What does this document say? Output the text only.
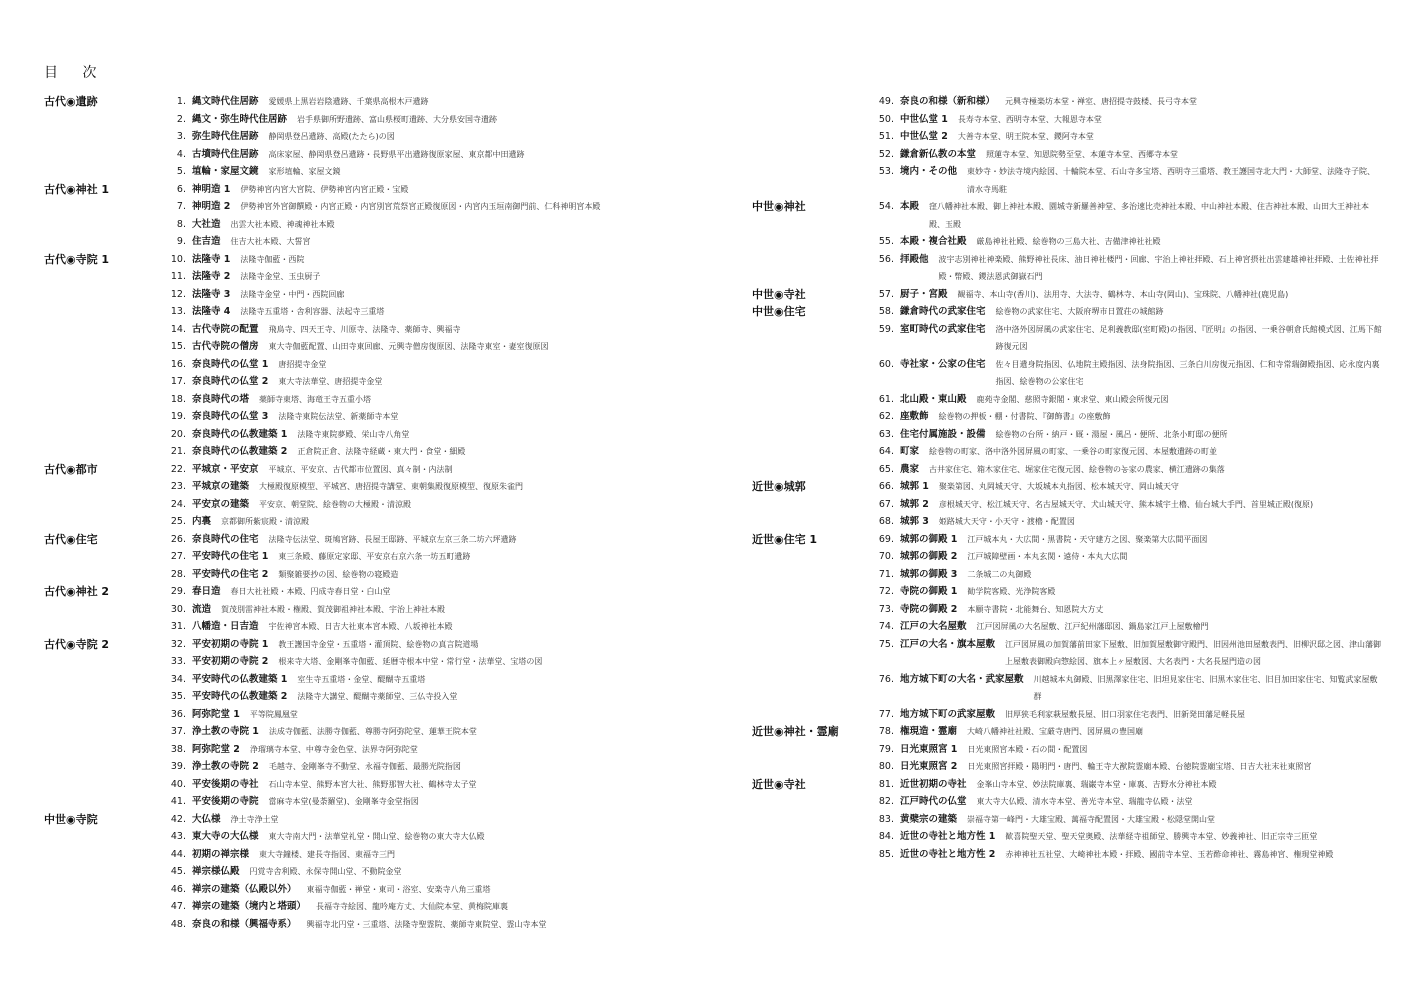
目 次
古代◉遺跡	1. 縄文時代住居跡 愛媛県上黒岩岩陰遺跡、千葉県高根木戸遺跡
2. 縄文・弥生時代住居跡 岩手県御所野遺跡、富山県桜町遺跡、大分県安国寺遺跡
3. 弥生時代住居跡 静岡県登呂遺跡、高殿(たたら)の図
4. 古墳時代住居跡 高床家屋、静岡県登呂遺跡・長野県平出遺跡復原家屋、東京都中田遺跡
5. 埴輪・家屋文鏡 家形埴輪、家屋文鏡
古代◉神社 1	6. 神明造 1 伊勢神宮内宮大宮院、伊勢神宮内宮正殿・宝殿
7. 神明造 2 伊勢神宮外宮御饌殿・内宮正殿・内宮別宮荒祭宮正殿復原図・内宮内玉垣南御門前、仁科神明宮本殿
8. 大社造 出雲大社本殿、神魂神社本殿
9. 住吉造 住吉大社本殿、大誓宮
古代◉寺院 1	10. 法隆寺 1 法隆寺伽藍・西院
11. 法隆寺 2 法隆寺金堂、玉虫厨子
12. 法隆寺 3 法隆寺金堂・中門・西院回廊
13. 法隆寺 4 法隆寺五重塔・舎利容器、法起寺三重塔
14. 古代寺院の配置 飛鳥寺、四天王寺、川原寺、法隆寺、薬師寺、興福寺
15. 古代寺院の僧房 東大寺伽藍配置、山田寺東回廊、元興寺僧房復原図、法隆寺東室・妻室復原図
16. 奈良時代の仏堂 1 唐招提寺金堂
17. 奈良時代の仏堂 2 東大寺法華堂、唐招提寺金堂
18. 奈良時代の塔 薬師寺東塔、海竜王寺五重小塔
19. 奈良時代の仏堂 3 法隆寺東院伝法堂、新薬師寺本堂
20. 奈良時代の仏教建築 1 法隆寺東院夢殿、栄山寺八角堂
21. 奈良時代の仏教建築 2 正倉院正倉、法隆寺経蔵・東大門・食堂・細殿
古代◉都市	22. 平城京・平安京 平城京、平安京、古代都市位置図、真々制・内法制
23. 平城京の建築 大極殿復原模型、平城宮、唐招提寺講堂、東朝集殿復原模型、復原朱雀門
24. 平安京の建築 平安京、朝堂院、絵巻物の大極殿・清涼殿
25. 内裏 京都御所紫宸殿・清涼殿
古代◉住宅	26. 奈良時代の住宅 法隆寺伝法堂、斑鳩宮跡、長屋王邸跡、平城京左京三条二坊六坪遺跡
27. 平安時代の住宅 1 東三条殿、藤原定家邸、平安京右京六条一坊五町遺跡
28. 平安時代の住宅 2 類聚雑要抄の図、絵巻物の寝殿造
古代◉神社 2	29. 春日造 春日大社社殿・本殿、円成寺春日堂・白山堂
30. 流造 賀茂別雷神社本殿・権殿、賀茂御祖神社本殿、宇治上神社本殿
31. 八幡造・日吉造 宇佐神宮本殿、日吉大社東本宮本殿、八坂神社本殿
古代◉寺院 2	32. 平安初期の寺院 1 教王護国寺金堂・五重塔・灌頂院、絵巻物の真言院道場
33. 平安初期の寺院 2 根来寺大塔、金剛峯寺伽藍、延暦寺根本中堂・常行堂・法華堂、宝塔の図
34. 平安時代の仏教建築 1 室生寺五重塔・金堂、醍醐寺五重塔
35. 平安時代の仏教建築 2 法隆寺大講堂、醍醐寺薬師堂、三仏寺投入堂
36. 阿弥陀堂 1 平等院鳳凰堂
37. 浄土教の寺院 1 法成寺伽藍、法勝寺伽藍、尊勝寺阿弥陀堂、蓮華王院本堂
38. 阿弥陀堂 2 浄瑠璃寺本堂、中尊寺金色堂、法界寺阿弥陀堂
39. 浄土教の寺院 2 毛越寺、金剛峯寺不動堂、永福寺伽藍、最勝光院指図
40. 平安後期の寺社 石山寺本堂、熊野本宮大社、熊野那智大社、鶴林寺太子堂
41. 平安後期の寺院 當麻寺本堂(曼荼羅堂)、金剛峯寺金堂指図
中世◉寺院	42. 大仏様 浄土寺浄土堂
43. 東大寺の大仏様 東大寺南大門・法華堂礼堂・開山堂、絵巻物の東大寺大仏殿
44. 初期の禅宗様 東大寺鐘楼、建長寺指図、東福寺三門
45. 禅宗様仏殿 円覚寺舎利殿、永保寺開山堂、不動院金堂
46. 禅宗の建築（仏殿以外） 東福寺伽藍・禅堂・東司・浴室、安楽寺八角三重塔
47. 禅宗の建築（境内と塔頭） 長福寺寺絵図、龍吟庵方丈、大仙院本堂、黄梅院庫裏
48. 奈良の和様（興福寺系） 興福寺北円堂・三重塔、法隆寺聖霊院、薬師寺東院堂、霊山寺本堂
49. 奈良の和様（新和様） 元興寺極楽坊本堂・禅室、唐招提寺鼓楼、長弓寺本堂
50. 中世仏堂 1 長寿寺本堂、西明寺本堂、大報恩寺本堂
51. 中世仏堂 2 大善寺本堂、明王院本堂、鑁阿寺本堂
52. 鎌倉新仏教の本堂 照蓮寺本堂、知恩院勢至堂、本蓮寺本堂、西郷寺本堂
53. 境内・その他 東妙寺・妙法寺境内絵図、十輪院本堂、石山寺多宝塔、西明寺三重塔、教王護国寺北大門・大師堂、法隆寺子院、清水寺馬駐
中世◉神社	54. 本殿 窪八幡神社本殿、御上神社本殿、園城寺新羅善神堂、多治速比売神社本殿、中山神社本殿、住吉神社本殿、山田大王神社本殿、玉殿
55. 本殿・複合社殿 厳島神社社殿、絵巻物の三島大社、吉備津神社社殿
56. 拝殿他 波宇志別神社神楽殿、熊野神社長床、油日神社楼門・回廊、宇治上神社拝殿、石上神宮摂社出雲建雄神社拝殿、土佐神社拝殿・幣殿、鑁法恩武御嶽石門
中世◉寺社	57. 厨子・宮殿 観福寺、本山寺(香川)、法用寺、大法寺、鶴林寺、本山寺(岡山)、宝珠院、八幡神社(鹿児島)
中世◉住宅	58. 鎌倉時代の武家住宅 絵巻物の武家住宅、大阪府堺市日置荘の城館跡
59. 室町時代の武家住宅 洛中洛外図屏風の武家住宅、足利義教邸(室町殿)の指図、『匠明』の指図、一乗谷朝倉氏館模式図、江馬下館跡復元図
60. 寺社家・公家の住宅 佐々目遺身院指図、仏地院主殿指図、法身院指図、三条白川房復元指図、仁和寺常瑞御殿指図、応永度内裏指図、絵巻物の公家住宅
61. 北山殿・東山殿 鹿苑寺金閣、慈照寺銀閣・東求堂、東山殿会所復元図
62. 座敷飾 絵巻物の押板・棚・付書院、『御飾書』の座敷飾
63. 住宅付属施設・設備 絵巻物の台所・納戸・厩・湯屋・風呂・便所、北条小町邸の便所
64. 町家 絵巻物の町家、洛中洛外図屏風の町家、一乗谷の町家復元図、本屋敷遺跡の町並
65. 農家 古井家住宅、箱木家住宅、堀家住宅復元図、絵巻物の농家の農家、横江遺跡の集落
近世◉城郭	66. 城郭 1 聚楽第図、丸岡城天守、大坂城本丸指図、松本城天守、岡山城天守
67. 城郭 2 彦根城天守、松江城天守、名古屋城天守、犬山城天守、熊本城宇土櫓、仙台城大手門、首里城正殿(復原)
68. 城郭 3 姫路城大天守・小天守・渡櫓・配置図
近世◉住宅 1	69. 城郭の御殿 1 江戸城本丸・大広間・黒書院・天守建方之図、聚楽第大広間平面図
70. 城郭の御殿 2 江戸城障壁画・本丸玄関・遠侍・本丸大広間
71. 城郭の御殿 3 二条城二の丸御殿
72. 寺院の御殿 1 勧学院客殿、光浄院客殿
73. 寺院の御殿 2 本願寺書院・北能舞台、知恩院大方丈
74. 江戸の大名屋敷 江戸図屏風の大名屋敷、江戸紀州藩邸図、鍋島家江戸上屋敷檜門
75. 江戸の大名・旗本屋敷 江戸図屏風の加賀藩前田家下屋敷、旧加賀屋敷御守殿門、旧因州池田屋敷表門、旧柳沢邸之図、津山藩御上屋敷表御殿向惣絵図、旗本上ヶ屋敷図、大名表門・大名長屋門造の図
76. 地方城下町の大名・武家屋敷 川越城本丸御殿、旧黒澤家住宅、旧坦見家住宅、旧黒木家住宅、旧目加田家住宅、知覧武家屋敷群
77. 地方城下町の武家屋敷 旧厚狭毛利家萩屋敷長屋、旧口羽家住宅表門、旧新発田藩足軽長屋
近世◉神社・霊廟	78. 権現造・霊廟 大崎八幡神社社殿、宝厳寺唐門、図屏風の豊国廟
79. 日光東照宮 1 日光東照宮本殿・石の間・配置図
80. 日光東照宮 2 日光東照宮拝殿・陽明門・唐門、輪王寺大猷院霊廟本殿、台徳院霊廟宝塔、日吉大社末社東照宮
近世◉寺社	81. 近世初期の寺社 金峯山寺本堂、妙法院庫裏、瑞巌寺本堂・庫裏、吉野水分神社本殿
82. 江戸時代の仏堂 東大寺大仏殿、清水寺本堂、善光寺本堂、瑞龍寺仏殿・法堂
83. 黄檗宗の建築 崇福寺第一峰門・大雄宝殿、萬福寺配置図・大雄宝殿・松隠堂開山堂
84. 近世の寺社と地方性 1 歓喜院聖天堂、聖天堂奥殿、法華経寺祖師堂、勝興寺本堂、妙義神社、旧正宗寺三匝堂
85. 近世の寺社と地方性 2 赤神神社五社堂、大崎神社本殿・拝殿、國前寺本堂、玉若酢命神社、霧島神宮、権現堂神殿
